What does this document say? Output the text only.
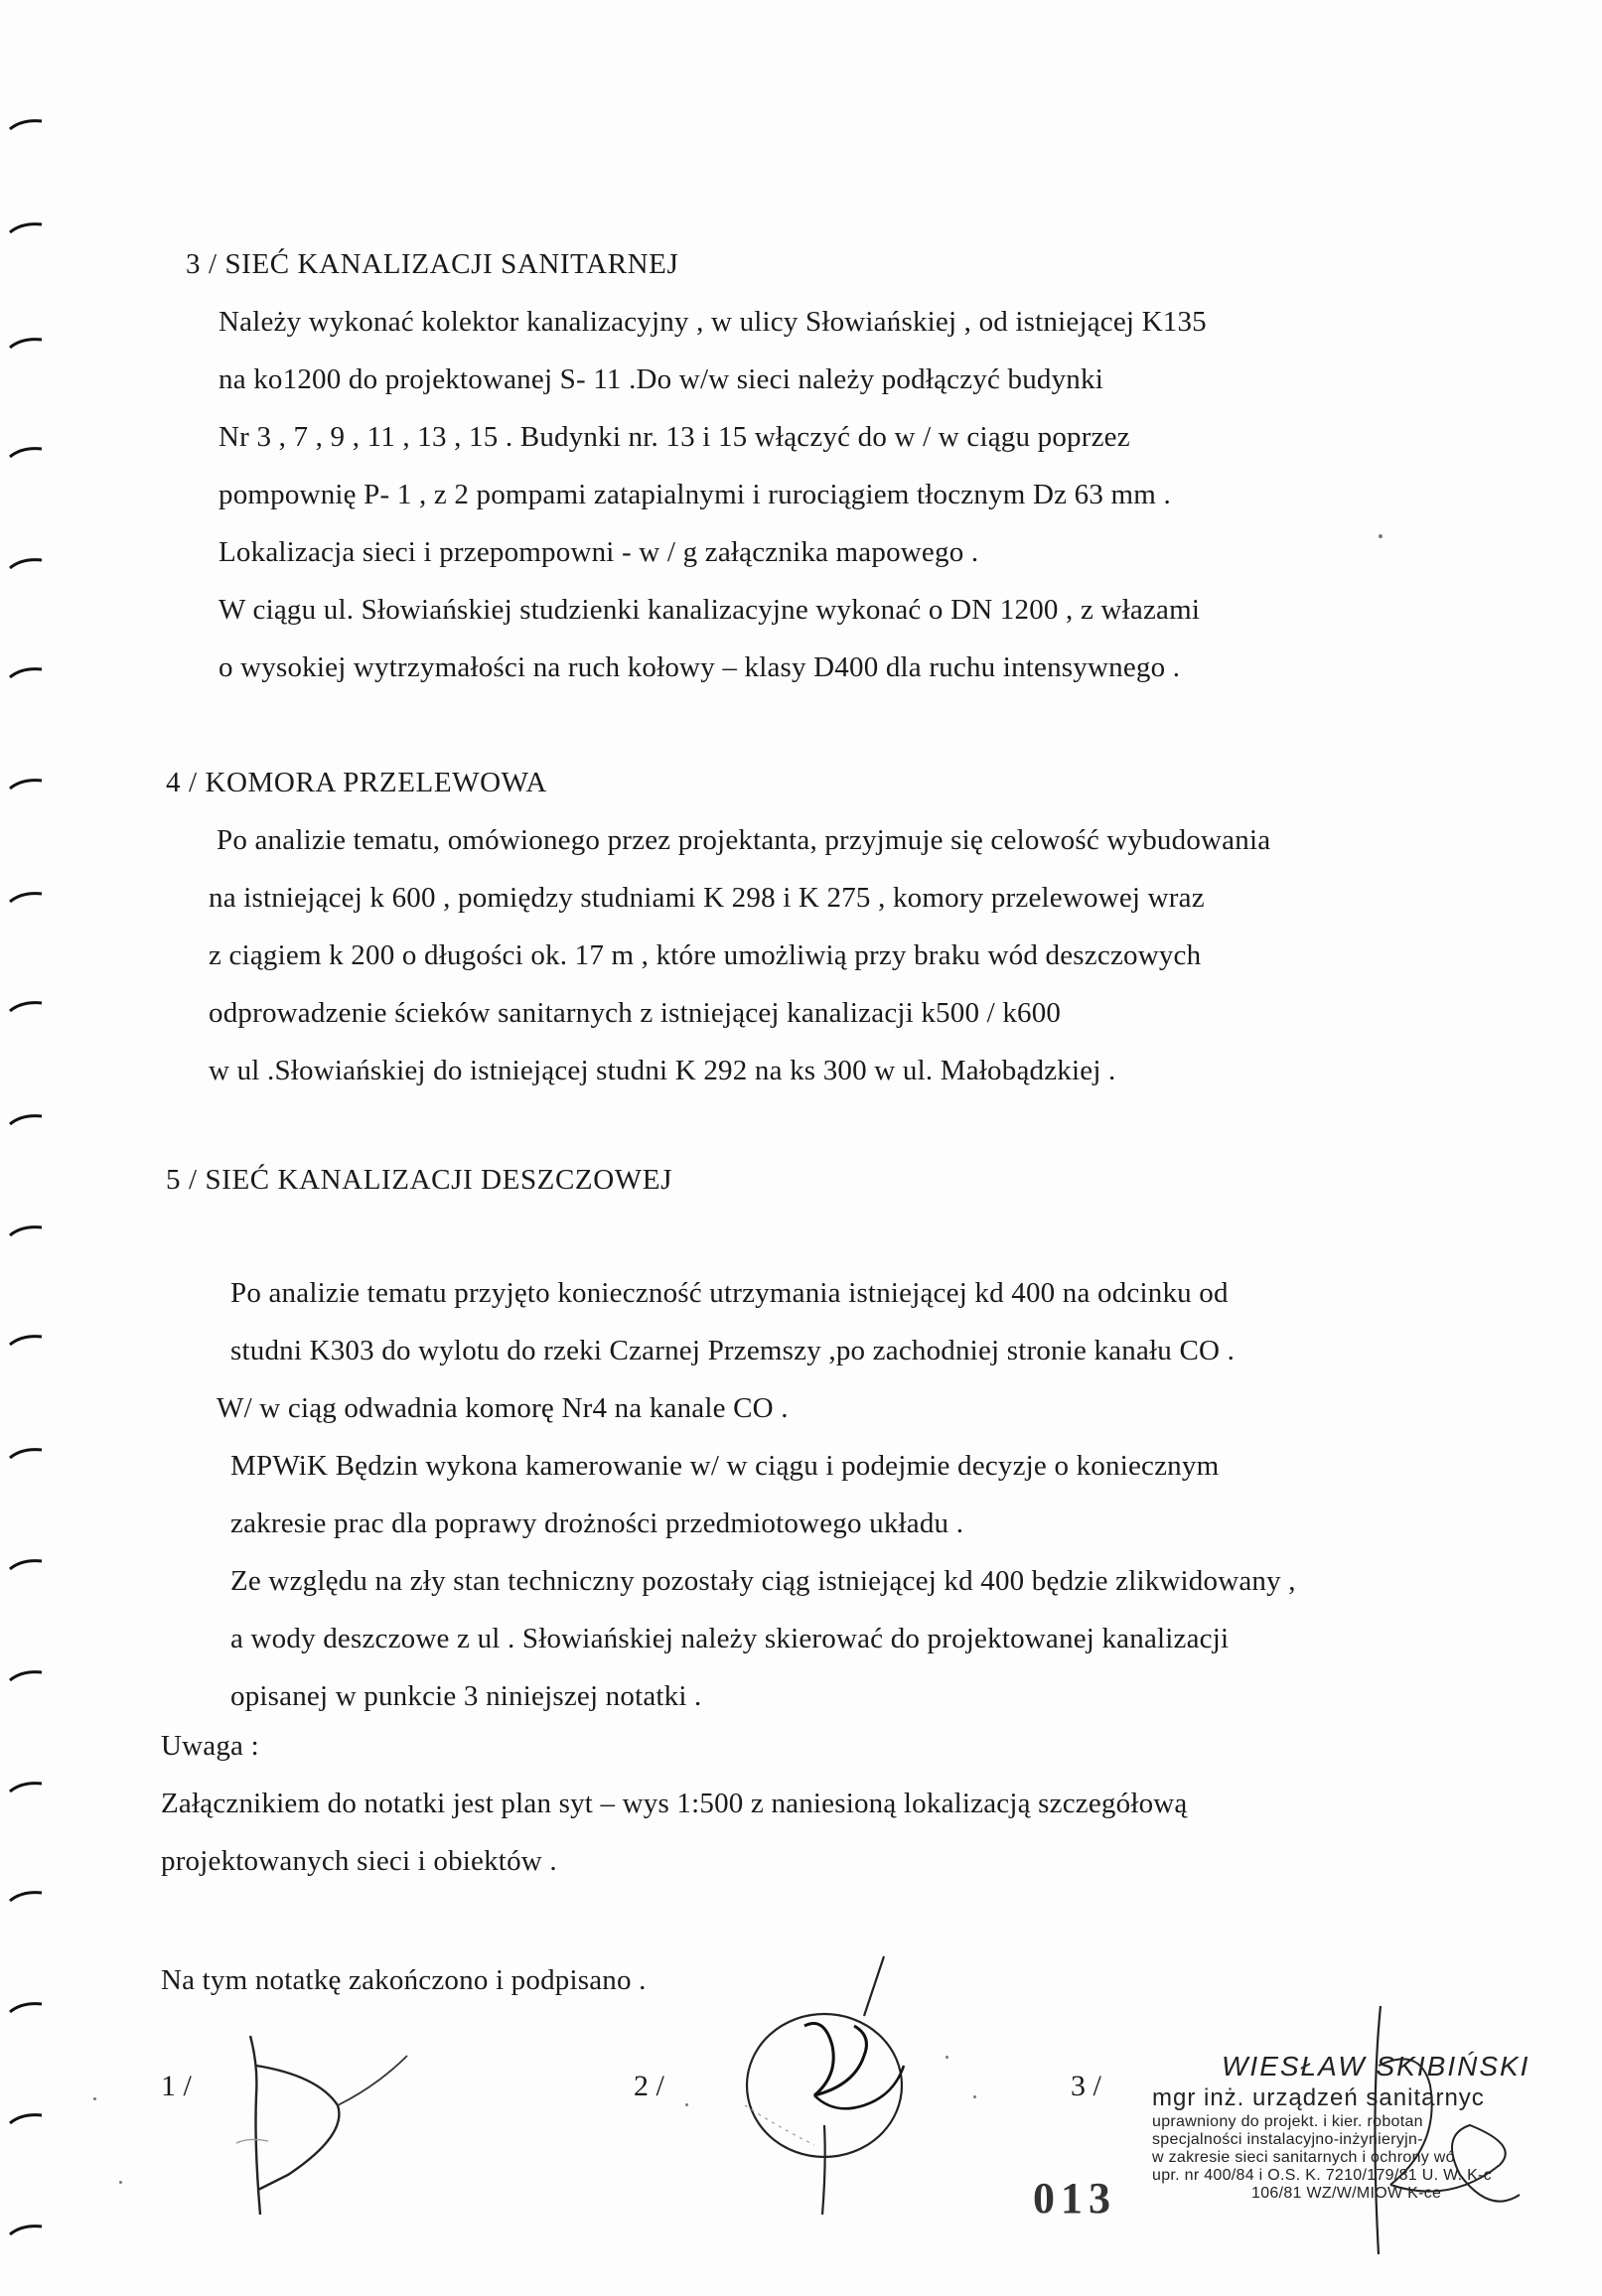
3 / SIEĆ KANALIZACJI SANITARNEJ
Należy wykonać kolektor kanalizacyjny , w ulicy Słowiańskiej , od istniejącej K135
na ko1200 do projektowanej S- 11 .Do w/w sieci należy podłączyć budynki
Nr 3 , 7 , 9 , 11 , 13 , 15 . Budynki nr. 13 i 15 włączyć do w / w ciągu poprzez
pompownię P- 1 , z 2 pompami zatapialnymi i rurociągiem tłocznym Dz 63 mm .
Lokalizacja sieci i przepompowni - w / g załącznika mapowego .
W ciągu ul. Słowiańskiej studzienki kanalizacyjne wykonać o DN 1200 , z włazami
o wysokiej wytrzymałości na ruch kołowy – klasy D400 dla ruchu intensywnego .
4 / KOMORA PRZELEWOWA
Po analizie tematu, omówionego przez projektanta, przyjmuje się celowość wybudowania
na istniejącej k 600 , pomiędzy studniami K 298 i K 275 , komory przelewowej wraz
z ciągiem k 200 o długości ok. 17 m , które umożliwią przy braku wód deszczowych
odprowadzenie ścieków sanitarnych z istniejącej kanalizacji k500 / k600
w ul .Słowiańskiej do istniejącej studni K 292 na ks 300 w ul. Małobądzkiej .
5 / SIEĆ KANALIZACJI DESZCZOWEJ
Po analizie tematu przyjęto konieczność utrzymania istniejącej kd 400 na odcinku od
studni K303 do wylotu do rzeki Czarnej Przemszy ,po zachodniej stronie kanału CO .
W/ w ciąg odwadnia komorę Nr4 na kanale CO .
MPWiK Będzin wykona kamerowanie w/ w ciągu i podejmie decyzje o koniecznym
zakresie prac dla poprawy drożności przedmiotowego układu .
Ze względu na zły stan techniczny pozostały ciąg istniejącej kd 400 będzie zlikwidowany ,
a wody deszczowe z ul . Słowiańskiej należy skierować do projektowanej kanalizacji
opisanej w punkcie 3 niniejszej notatki .
Uwaga :
Załącznikiem do notatki jest plan syt – wys 1:500 z naniesioną lokalizacją szczegółową
projektowanych sieci i obiektów .
Na tym notatkę zakończono i podpisano .
1 /	2 /	3 /
WIESŁAW SKIBIŃSKI
mgr inż. urządzeń sanitarnyc
uprawniony do projekt. i kier. robotan
specjalności instalacyjno-inżynieryjn-
w zakresie sieci sanitarnych i ochrony wó
upr. nr 400/84 i O.S. K. 7210/179/81 U. W. K-c
106/81 WZ/W/MIOW K-ce
013
